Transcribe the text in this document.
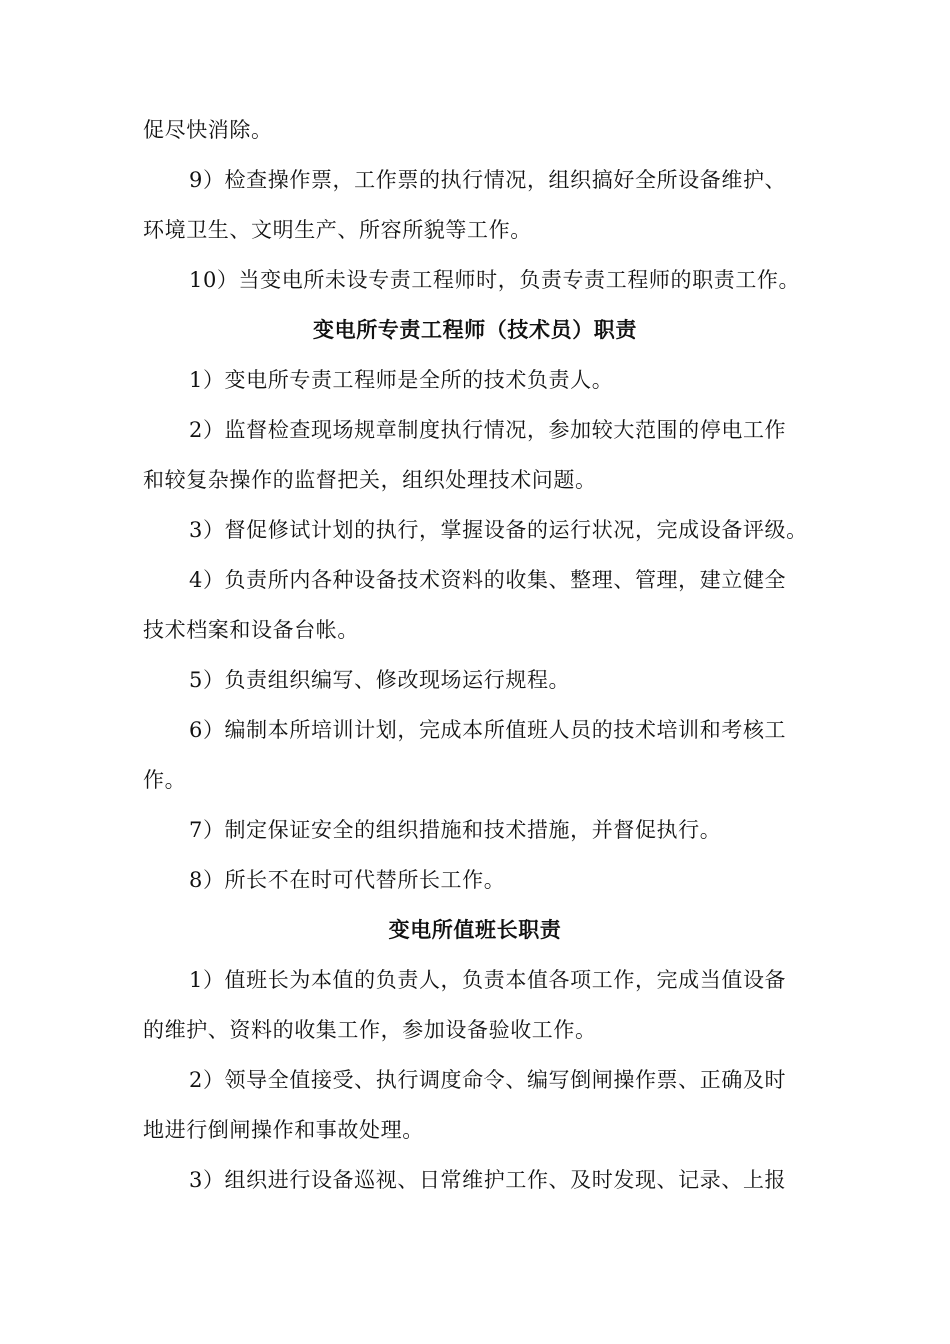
促尽快消除。
9）检查操作票，工作票的执行情况，组织搞好全所设备维护、
环境卫生、文明生产、所容所貌等工作。
10）当变电所未设专责工程师时，负责专责工程师的职责工作。
变电所专责工程师（技术员）职责
1）变电所专责工程师是全所的技术负责人。
2）监督检查现场规章制度执行情况，参加较大范围的停电工作
和较复杂操作的监督把关，组织处理技术问题。
3）督促修试计划的执行，掌握设备的运行状况，完成设备评级。
4）负责所内各种设备技术资料的收集、整理、管理，建立健全
技术档案和设备台帐。
5）负责组织编写、修改现场运行规程。
6）编制本所培训计划，完成本所值班人员的技术培训和考核工
作。
7）制定保证安全的组织措施和技术措施，并督促执行。
8）所长不在时可代替所长工作。
变电所值班长职责
1）值班长为本值的负责人，负责本值各项工作，完成当值设备
的维护、资料的收集工作，参加设备验收工作。
2）领导全值接受、执行调度命令、编写倒闸操作票、正确及时
地进行倒闸操作和事故处理。
3）组织进行设备巡视、日常维护工作、及时发现、记录、上报
